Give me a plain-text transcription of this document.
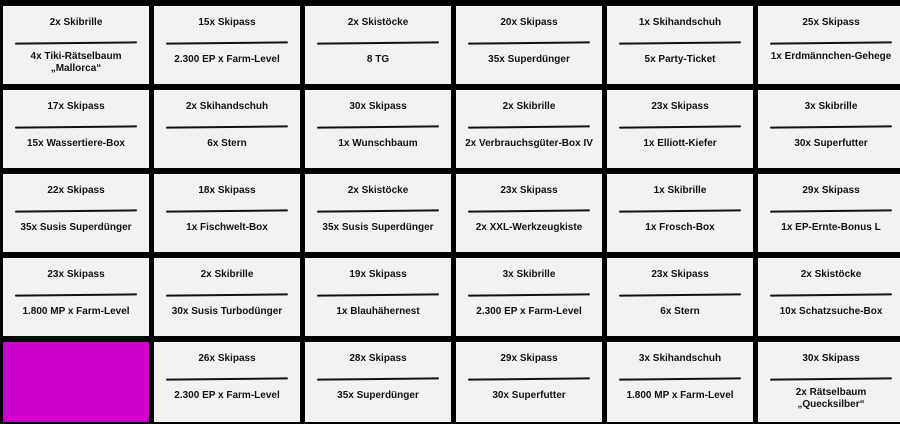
2x Skibrille
4x Tiki-Rätselbaum „Mallorca“
15x Skipass
2.300 EP x Farm-Level
2x Skistöcke
8 TG
20x Skipass
35x Superdünger
1x Skihandschuh
5x Party-Ticket
25x Skipass
1x Erdmännchen-Gehege
17x Skipass
15x Wassertiere-Box
2x Skihandschuh
6x Stern
30x Skipass
1x Wunschbaum
2x Skibrille
2x Verbrauchsgüter-Box IV
23x Skipass
1x Elliott-Kiefer
3x Skibrille
30x Superfutter
22x Skipass
35x Susis Superdünger
18x Skipass
1x Fischwelt-Box
2x Skistöcke
35x Susis Superdünger
23x Skipass
2x XXL-Werkzeugkiste
1x Skibrille
1x Frosch-Box
29x Skipass
1x EP-Ernte-Bonus L
23x Skipass
1.800 MP x Farm-Level
2x Skibrille
30x Susis Turbodünger
19x Skipass
1x Blauhähernest
3x Skibrille
2.300 EP x Farm-Level
23x Skipass
6x Stern
2x Skistöcke
10x Schatzsuche-Box
26x Skipass
2.300 EP x Farm-Level
28x Skipass
35x Superdünger
29x Skipass
30x Superfutter
3x Skihandschuh
1.800 MP x Farm-Level
30x Skipass
2x Rätselbaum „Quecksilber“
